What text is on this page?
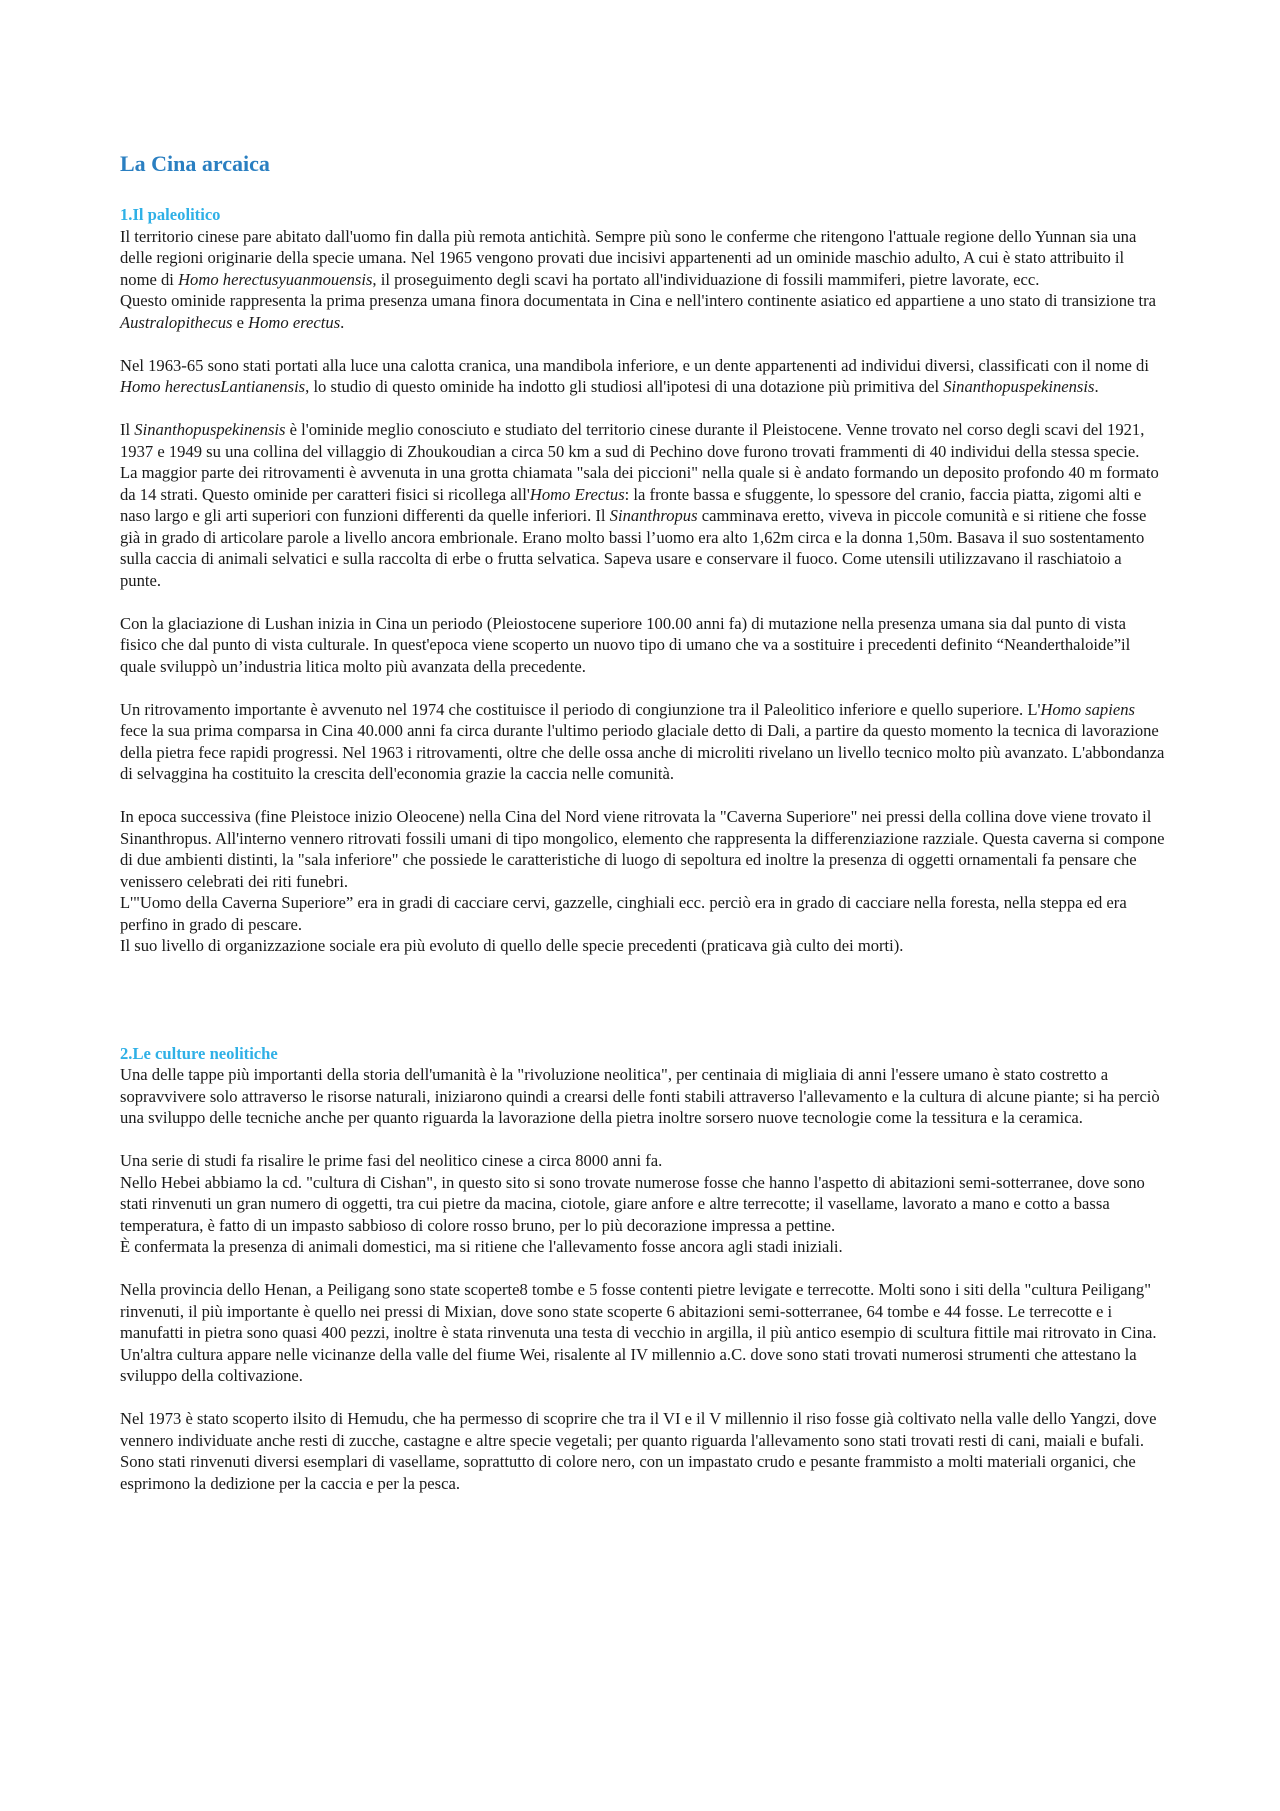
La Cina arcaica
1.Il paleolitico

Il territorio cinese pare abitato dall'uomo fin dalla più remota antichità. Sempre più sono le conferme che ritengono l'attuale regione dello Yunnan sia una delle regioni originarie della specie umana. Nel 1965 vengono provati due incisivi appartenenti ad un ominide maschio adulto, A cui è stato attribuito il nome di Homo herectusyuanmouensis, il proseguimento degli scavi ha portato all'individuazione di fossili mammiferi, pietre lavorate, ecc.
Questo ominide rappresenta la prima presenza umana finora documentata in Cina e nell'intero continente asiatico ed appartiene a uno stato di transizione tra Australopithecus e Homo erectus.

Nel 1963-65 sono stati portati alla luce una calotta cranica, una mandibola inferiore, e un dente appartenenti ad individui diversi, classificati con il nome di Homo herectusLantianensis, lo studio di questo ominide ha indotto gli studiosi all'ipotesi di una dotazione più primitiva del Sinanthopuspekinensis.

Il Sinanthopuspekinensis è l'ominide meglio conosciuto e studiato del territorio cinese durante il Pleistocene. Venne trovato nel corso degli scavi del 1921, 1937 e 1949 su una collina del villaggio di Zhoukoudian a circa 50 km a sud di Pechino dove furono trovati frammenti di 40 individui della stessa specie.
La maggior parte dei ritrovamenti è avvenuta in una grotta chiamata "sala dei piccioni" nella quale si è andato formando un deposito profondo 40 m formato da 14 strati. Questo ominide per caratteri fisici si ricollega all'Homo Erectus: la fronte bassa e sfuggente, lo spessore del cranio, faccia piatta, zigomi alti e naso largo e gli arti superiori con funzioni differenti da quelle inferiori. Il Sinanthropus camminava eretto, viveva in piccole comunità e si ritiene che fosse già in grado di articolare parole a livello ancora embrionale. Erano molto bassi l’uomo era alto 1,62m circa e la donna 1,50m. Basava il suo sostentamento sulla caccia di animali selvatici e sulla raccolta di erbe o frutta selvatica. Sapeva usare e conservare il fuoco. Come utensili utilizzavano il raschiatoio a punte.

Con la glaciazione di Lushan inizia in Cina un periodo (Pleiostocene superiore 100.00 anni fa) di mutazione nella presenza umana sia dal punto di vista fisico che dal punto di vista culturale. In quest'epoca viene scoperto un nuovo tipo di umano che va a sostituire i precedenti definito “Neanderthaloide”il quale sviluppò un’industria litica molto più avanzata della precedente.

Un ritrovamento importante è avvenuto nel 1974 che costituisce il periodo di congiunzione tra il Paleolitico inferiore e quello superiore. L'Homo sapiens fece la sua prima comparsa in Cina 40.000 anni fa circa durante l'ultimo periodo glaciale detto di Dali, a partire da questo momento la tecnica di lavorazione della pietra fece rapidi progressi. Nel 1963 i ritrovamenti, oltre che delle ossa anche di microliti rivelano un livello tecnico molto più avanzato. L'abbondanza di selvaggina ha costituito la crescita dell'economia grazie la caccia nelle comunità.

In epoca successiva (fine Pleistoce inizio Oleocene) nella Cina del Nord viene ritrovata la "Caverna Superiore" nei pressi della collina dove viene trovato il Sinanthropus. All'interno vennero ritrovati fossili umani di tipo mongolico, elemento che rappresenta la differenziazione razziale. Questa caverna si compone di due ambienti distinti, la "sala inferiore" che possiede le caratteristiche di luogo di sepoltura ed inoltre la presenza di oggetti ornamentali fa pensare che venissero celebrati dei riti funebri.
L'"Uomo della Caverna Superiore” era in gradi di cacciare cervi, gazzelle, cinghiali ecc. perciò era in grado di cacciare nella foresta, nella steppa ed era perfino in grado di pescare.
Il suo livello di organizzazione sociale era più evoluto di quello delle specie precedenti (praticava già culto dei morti).

2.Le culture neolitiche

Una delle tappe più importanti della storia dell'umanità è la "rivoluzione neolitica", per centinaia di migliaia di anni l'essere umano è stato costretto a sopravvivere solo attraverso le risorse naturali, iniziarono quindi a crearsi delle fonti stabili attraverso l'allevamento e la cultura di alcune piante; si ha perciò una sviluppo delle tecniche anche per quanto riguarda la lavorazione della pietra inoltre sorsero nuove tecnologie come la tessitura e la ceramica.

Una serie di studi fa risalire le prime fasi del neolitico cinese a circa 8000 anni fa.
Nello Hebei abbiamo la cd. "cultura di Cishan", in questo sito si sono trovate numerose fosse che hanno l'aspetto di abitazioni semi-sotterranee, dove sono stati rinvenuti un gran numero di oggetti, tra cui pietre da macina, ciotole, giare anfore e altre terrecotte; il vasellame, lavorato a mano e cotto a bassa temperatura, è fatto di un impasto sabbioso di colore rosso bruno, per lo più decorazione impressa a pettine.
È confermata la presenza di animali domestici, ma si ritiene che l'allevamento fosse ancora agli stadi iniziali.

Nella provincia dello Henan, a Peiligang sono state scoperte8 tombe e 5 fosse contenti pietre levigate e terrecotte. Molti sono i siti della "cultura Peiligang" rinvenuti, il più importante è quello nei pressi di Mixian, dove sono state scoperte 6 abitazioni semi-sotterranee, 64 tombe e 44 fosse. Le terrecotte e i manufatti in pietra sono quasi 400 pezzi, inoltre è stata rinvenuta una testa di vecchio in argilla, il più antico esempio di scultura fittile mai ritrovato in Cina.
Un'altra cultura appare nelle vicinanze della valle del fiume Wei, risalente al IV millennio a.C. dove sono stati trovati numerosi strumenti che attestano la sviluppo della coltivazione.

Nel 1973 è stato scoperto ilsito di Hemudu, che ha permesso di scoprire che tra il VI e il V millennio il riso fosse già coltivato nella valle dello Yangzi, dove vennero individuate anche resti di zucche, castagne e altre specie vegetali; per quanto riguarda l'allevamento sono stati trovati resti di cani, maiali e bufali. Sono stati rinvenuti diversi esemplari di vasellame, soprattutto di colore nero, con un impastato crudo e pesante frammisto a molti materiali organici, che esprimono la dedizione per la caccia e per la pesca.
